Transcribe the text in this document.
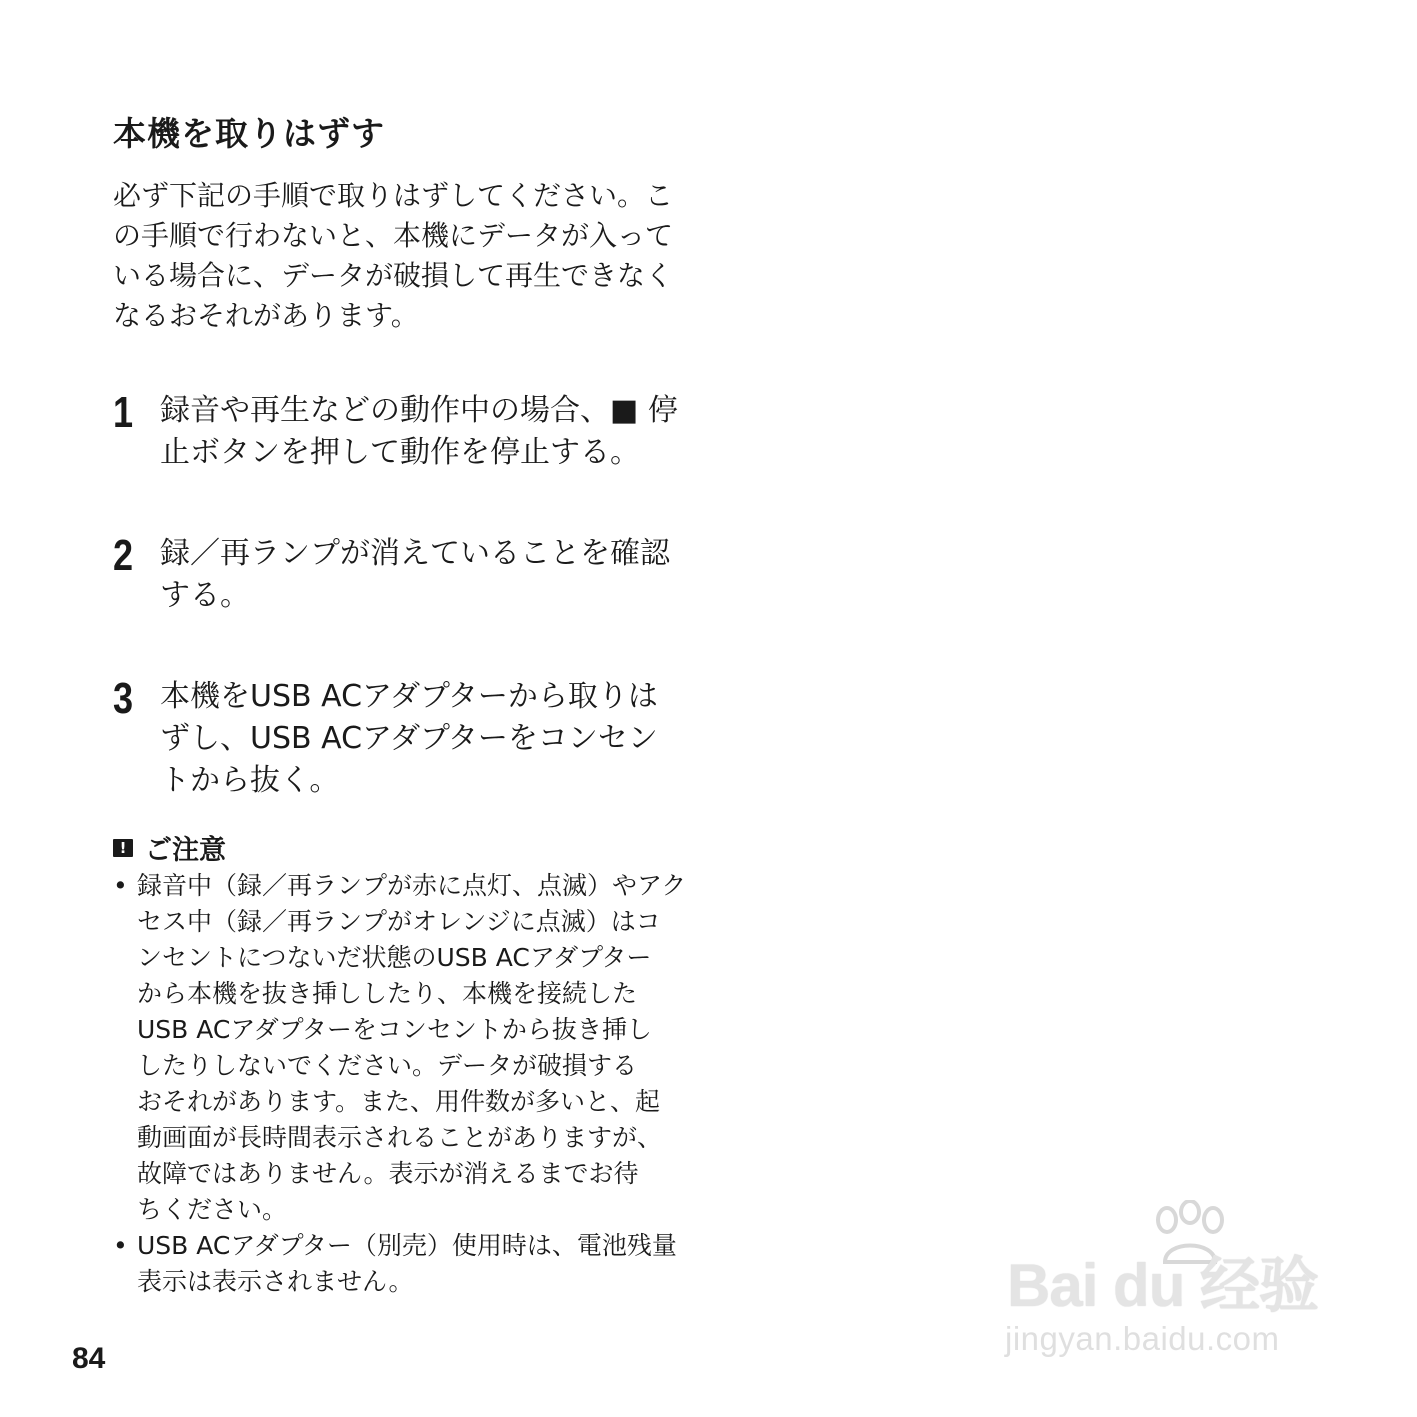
本機を取りはずす
必ず下記の手順で取りはずしてください。こ
の手順で行わないと、本機にデータが入って
いる場合に、データが破損して再生できなく
なるおそれがあります。
1 録音や再生などの動作中の場合、■ 停
止ボタンを押して動作を停止する。
2 録／再ランプが消えていることを確認
する。
3 本機をUSB ACアダプターから取りは
ずし、USB ACアダプターをコンセン
トから抜く。
! ご注意
• 録音中（録／再ランプが赤に点灯、点滅）やアク
セス中（録／再ランプがオレンジに点滅）はコ
ンセントにつないだ状態のUSB ACアダプター
から本機を抜き挿ししたり、本機を接続した
USB ACアダプターをコンセントから抜き挿し
したりしないでください。データが破損する
おそれがあります。また、用件数が多いと、起
動画面が長時間表示されることがありますが、
故障ではありません。表示が消えるまでお待
ちください。
• USB ACアダプター（別売）使用時は、電池残量
表示は表示されません。
84
Bai du 经验
jingyan.baidu.com
